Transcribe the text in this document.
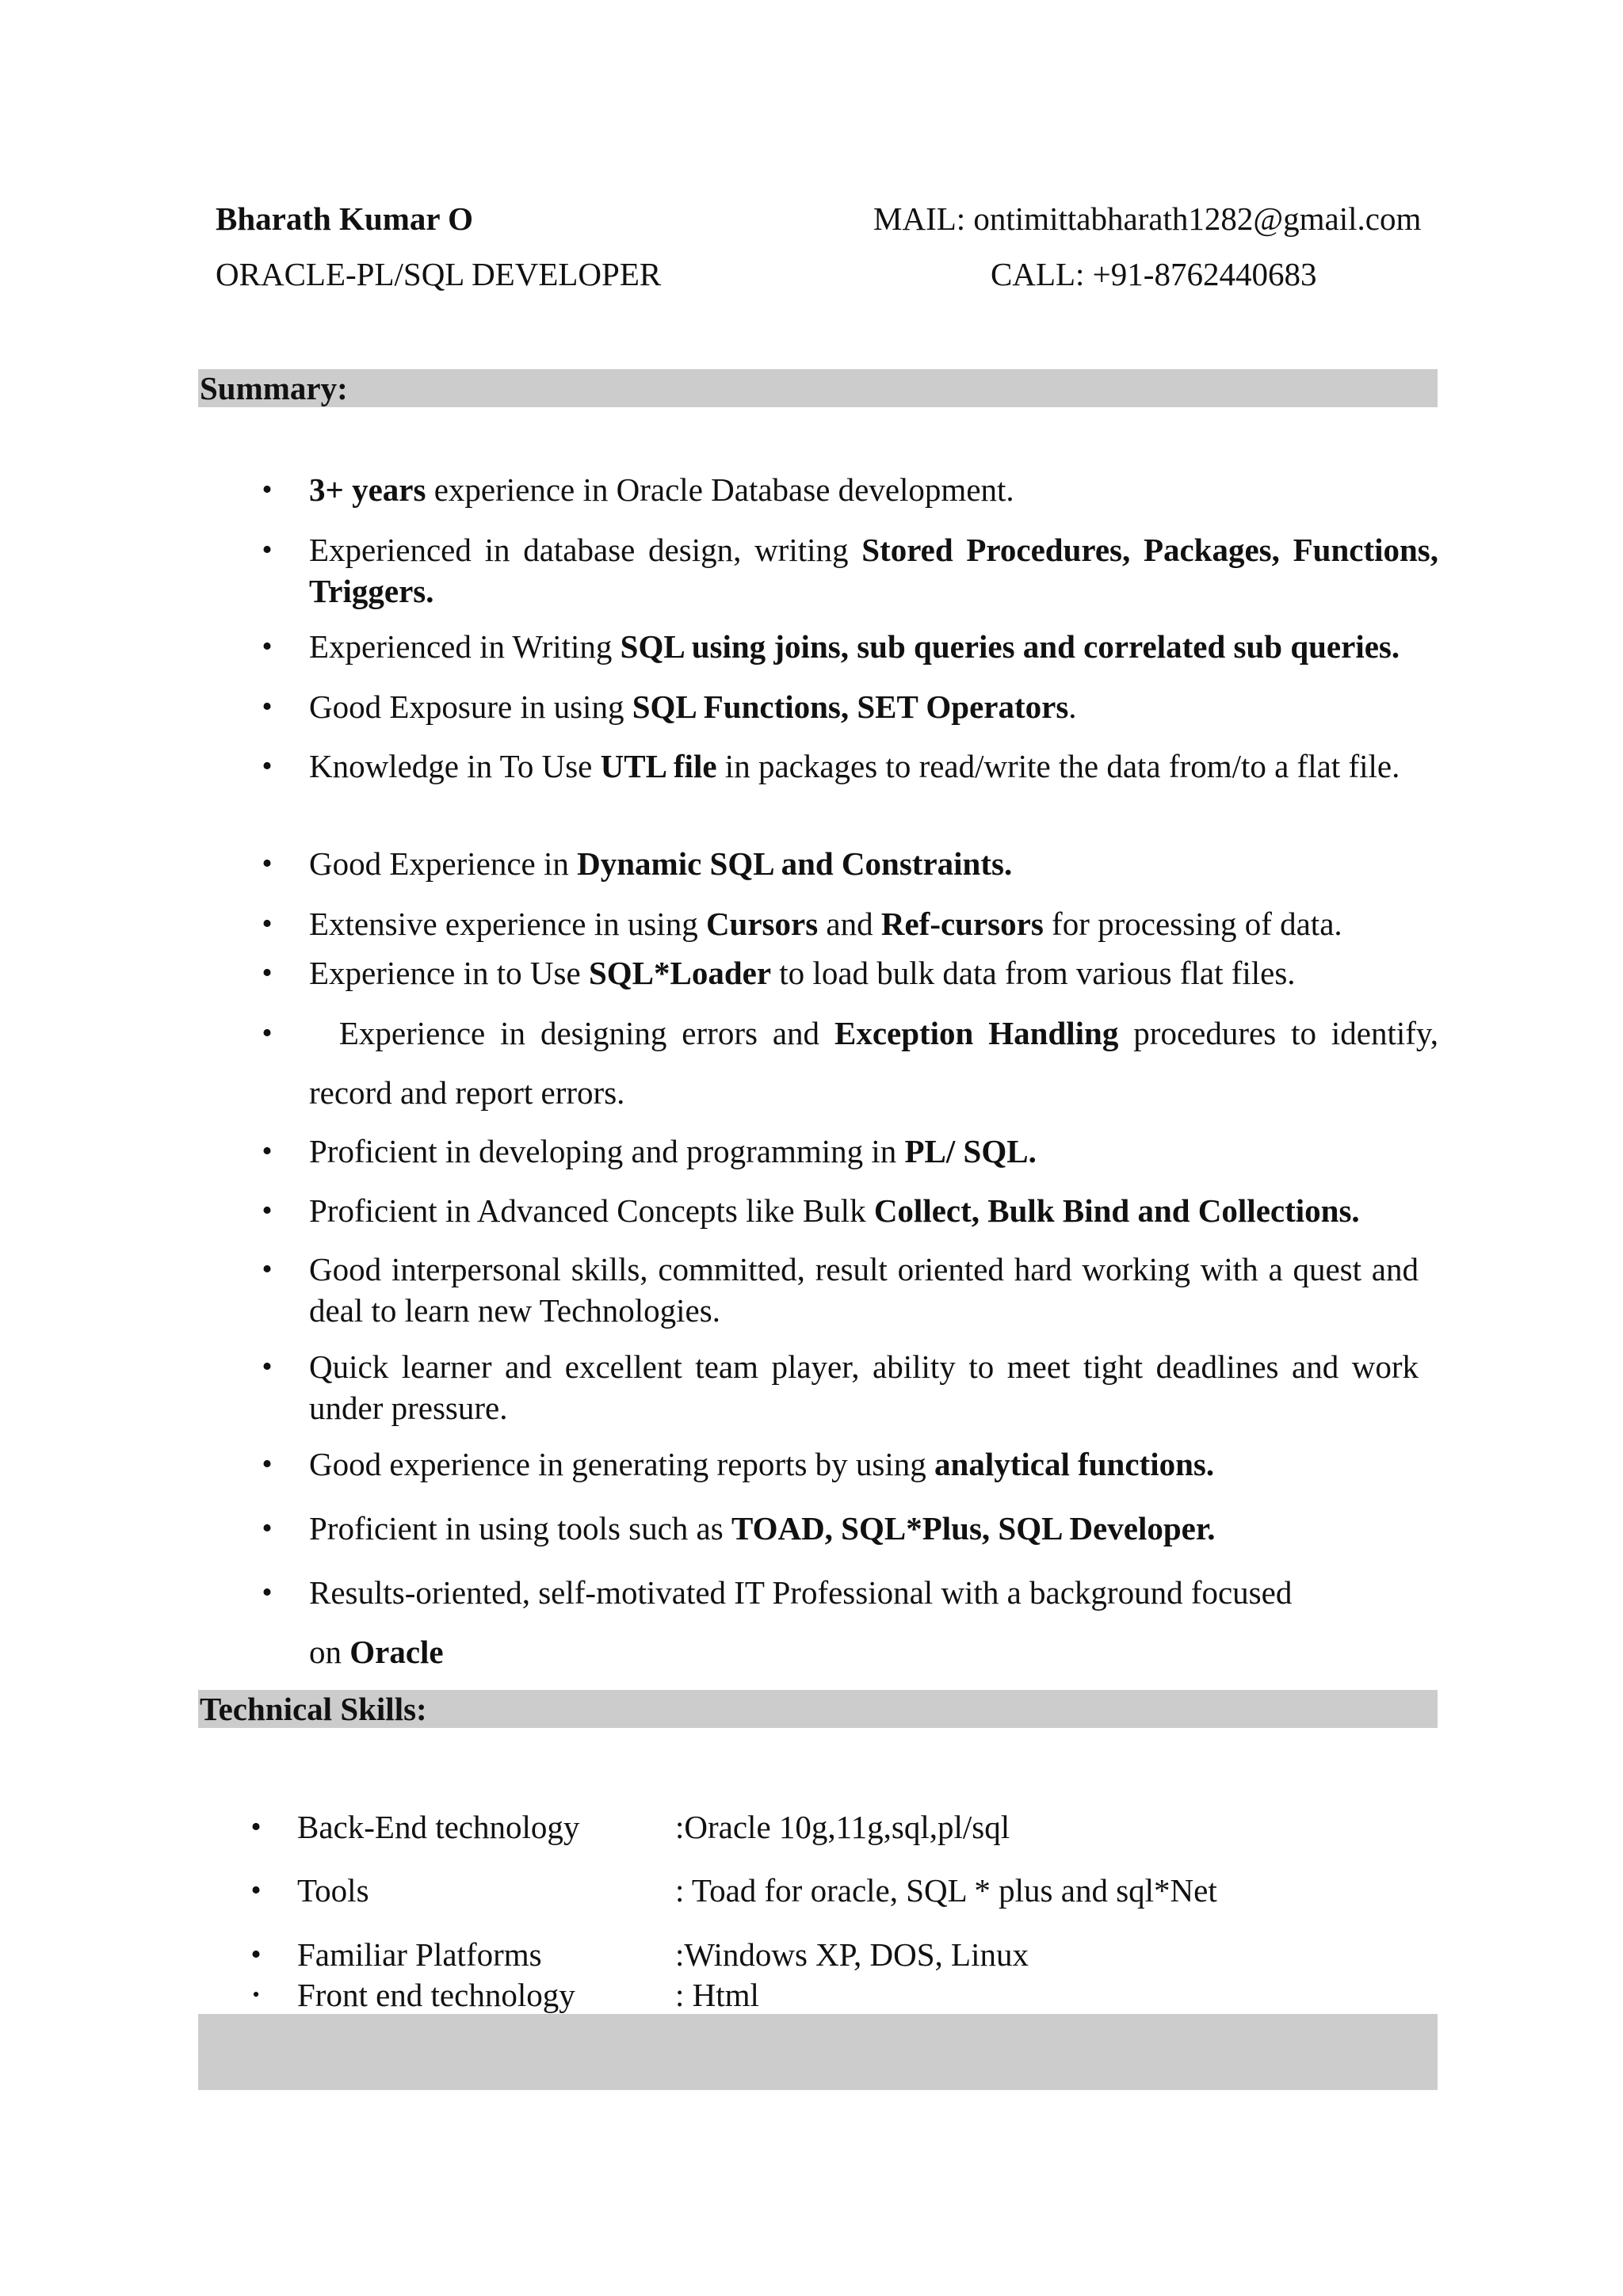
Bharath Kumar O
ORACLE-PL/SQL DEVELOPER
MAIL: ontimittabharath1282@gmail.com
CALL: +91-8762440683
Summary:
• 3+ years experience in Oracle Database development.
• Experienced in database design, writing Stored Procedures, Packages, Functions, Triggers.
• Experienced in Writing SQL using joins, sub queries and correlated sub queries.
• Good Exposure in using SQL Functions, SET Operators.
• Knowledge in To Use UTL file in packages to read/write the data from/to a flat file.
• Good Experience in Dynamic SQL and Constraints.
• Extensive experience in using Cursors and Ref-cursors for processing of data.
• Experience in to Use SQL*Loader to load bulk data from various flat files.
• Experience in designing errors and Exception Handling procedures to identify,
record and report errors.
• Proficient in developing and programming in PL/ SQL.
• Proficient in Advanced Concepts like Bulk Collect, Bulk Bind and Collections.
• Good interpersonal skills, committed, result oriented hard working with a quest and deal to learn new Technologies.
• Quick learner and excellent team player, ability to meet tight deadlines and work under pressure.
• Good experience in generating reports by using analytical functions.
• Proficient in using tools such as TOAD, SQL*Plus, SQL Developer.
• Results-oriented, self-motivated IT Professional with a background focused
on Oracle
Technical Skills:
• Back-End technology	:Oracle 10g,11g,sql,pl/sql
• Tools	: Toad for oracle, SQL * plus and sql*Net
• Familiar Platforms	:Windows XP, DOS, Linux
• Front end technology	: Html
